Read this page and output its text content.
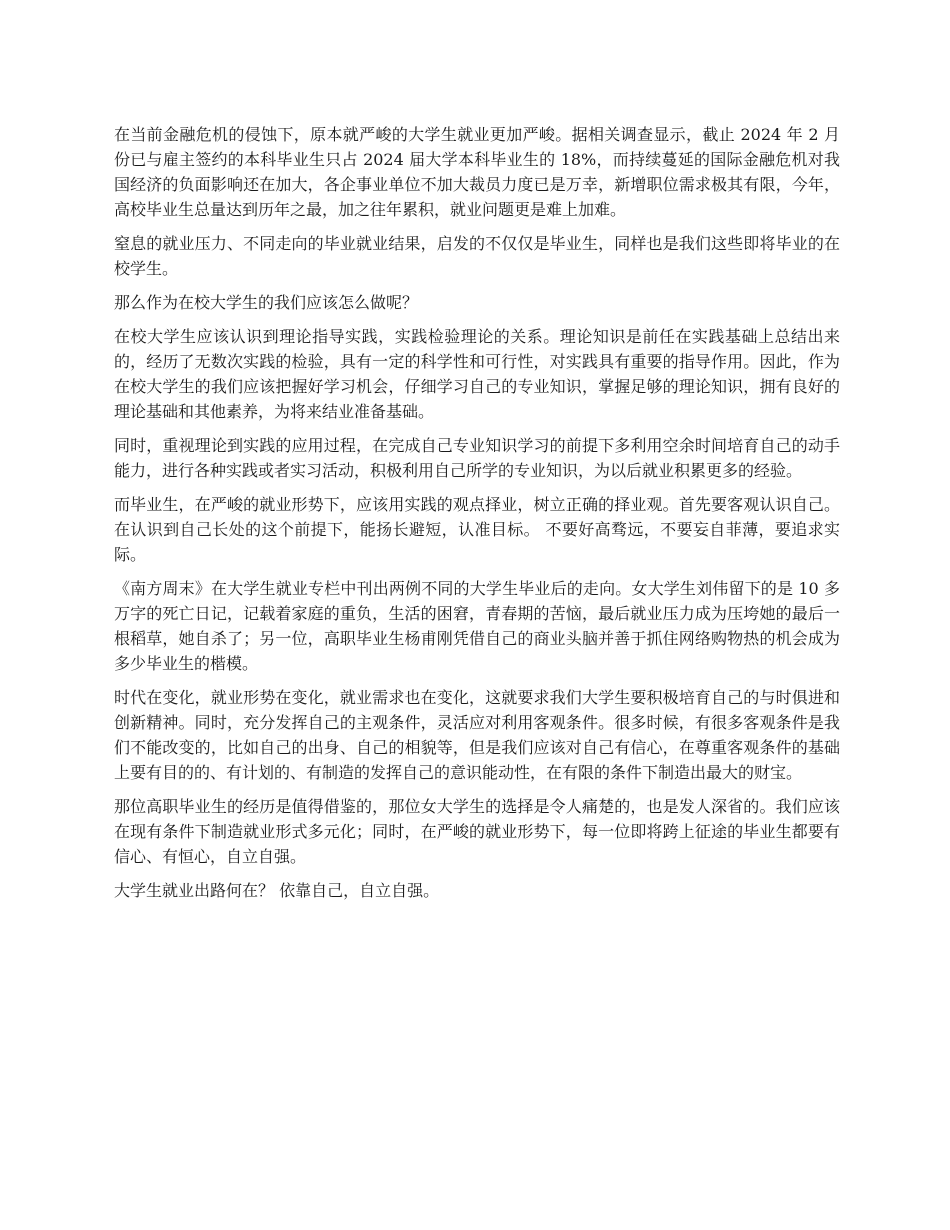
在当前金融危机的侵蚀下，原本就严峻的大学生就业更加严峻。据相关调查显示，截止 2024 年 2 月份已与雇主签约的本科毕业生只占 2024 届大学本科毕业生的 18%，而持续蔓延的国际金融危机对我国经济的负面影响还在加大，各企事业单位不加大裁员力度已是万幸，新增职位需求极其有限，今年，高校毕业生总量达到历年之最，加之往年累积，就业问题更是难上加难。

窒息的就业压力、不同走向的毕业就业结果，启发的不仅仅是毕业生，同样也是我们这些即将毕业的在校学生。

那么作为在校大学生的我们应该怎么做呢？

在校大学生应该认识到理论指导实践，实践检验理论的关系。理论知识是前任在实践基础上总结出来的，经历了无数次实践的检验，具有一定的科学性和可行性，对实践具有重要的指导作用。因此，作为在校大学生的我们应该把握好学习机会，仔细学习自己的专业知识，掌握足够的理论知识，拥有良好的理论基础和其他素养，为将来结业准备基础。

同时，重视理论到实践的应用过程，在完成自己专业知识学习的前提下多利用空余时间培育自己的动手能力，进行各种实践或者实习活动，积极利用自己所学的专业知识，为以后就业积累更多的经验。

而毕业生，在严峻的就业形势下，应该用实践的观点择业，树立正确的择业观。首先要客观认识自己。在认识到自己长处的这个前提下，能扬长避短，认准目标。 不要好高骛远，不要妄自菲薄，要追求实际。

《南方周末》在大学生就业专栏中刊出两例不同的大学生毕业后的走向。女大学生刘伟留下的是 10 多万字的死亡日记，记载着家庭的重负，生活的困窘，青春期的苦恼，最后就业压力成为压垮她的最后一根稻草，她自杀了；另一位，高职毕业生杨甫刚凭借自己的商业头脑并善于抓住网络购物热的机会成为多少毕业生的楷模。

时代在变化，就业形势在变化，就业需求也在变化，这就要求我们大学生要积极培育自己的与时俱进和创新精神。同时，充分发挥自己的主观条件，灵活应对利用客观条件。很多时候，有很多客观条件是我们不能改变的，比如自己的出身、自己的相貌等，但是我们应该对自己有信心，在尊重客观条件的基础上要有目的的、有计划的、有制造的发挥自己的意识能动性，在有限的条件下制造出最大的财宝。

那位高职毕业生的经历是值得借鉴的，那位女大学生的选择是令人痛楚的，也是发人深省的。我们应该在现有条件下制造就业形式多元化；同时，在严峻的就业形势下，每一位即将跨上征途的毕业生都要有信心、有恒心，自立自强。

大学生就业出路何在？ 依靠自己，自立自强。
